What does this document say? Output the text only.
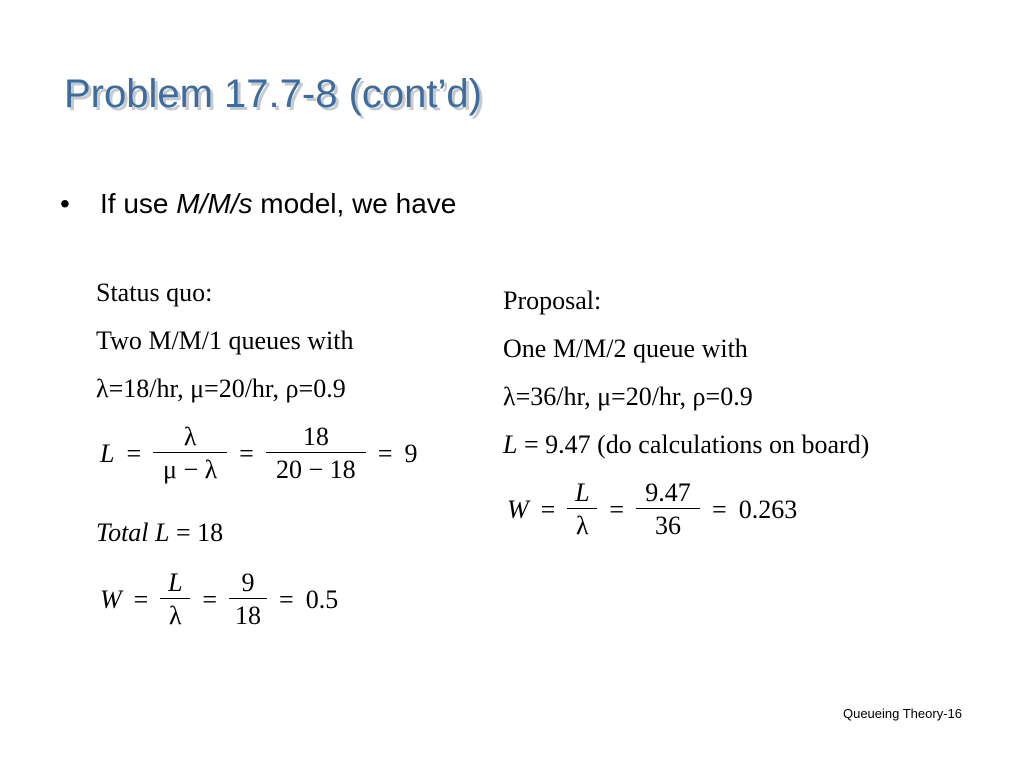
Problem 17.7-8 (cont’d)
• If use M/M/s model, we have
Status quo:
Two M/M/1 queues with
λ=18/hr, μ=20/hr, ρ=0.9
$L = \frac{\lambda}{\mu - \lambda} = \frac{18}{20 - 18} = 9$
Total L = 18
$W = \frac{L}{\lambda} = \frac{9}{18} = 0.5$
Proposal:
One M/M/2 queue with
λ=36/hr, μ=20/hr, ρ=0.9
L = 9.47 (do calculations on board)
$W = \frac{L}{\lambda} = \frac{9.47}{36} = 0.263$
Queueing Theory-16
